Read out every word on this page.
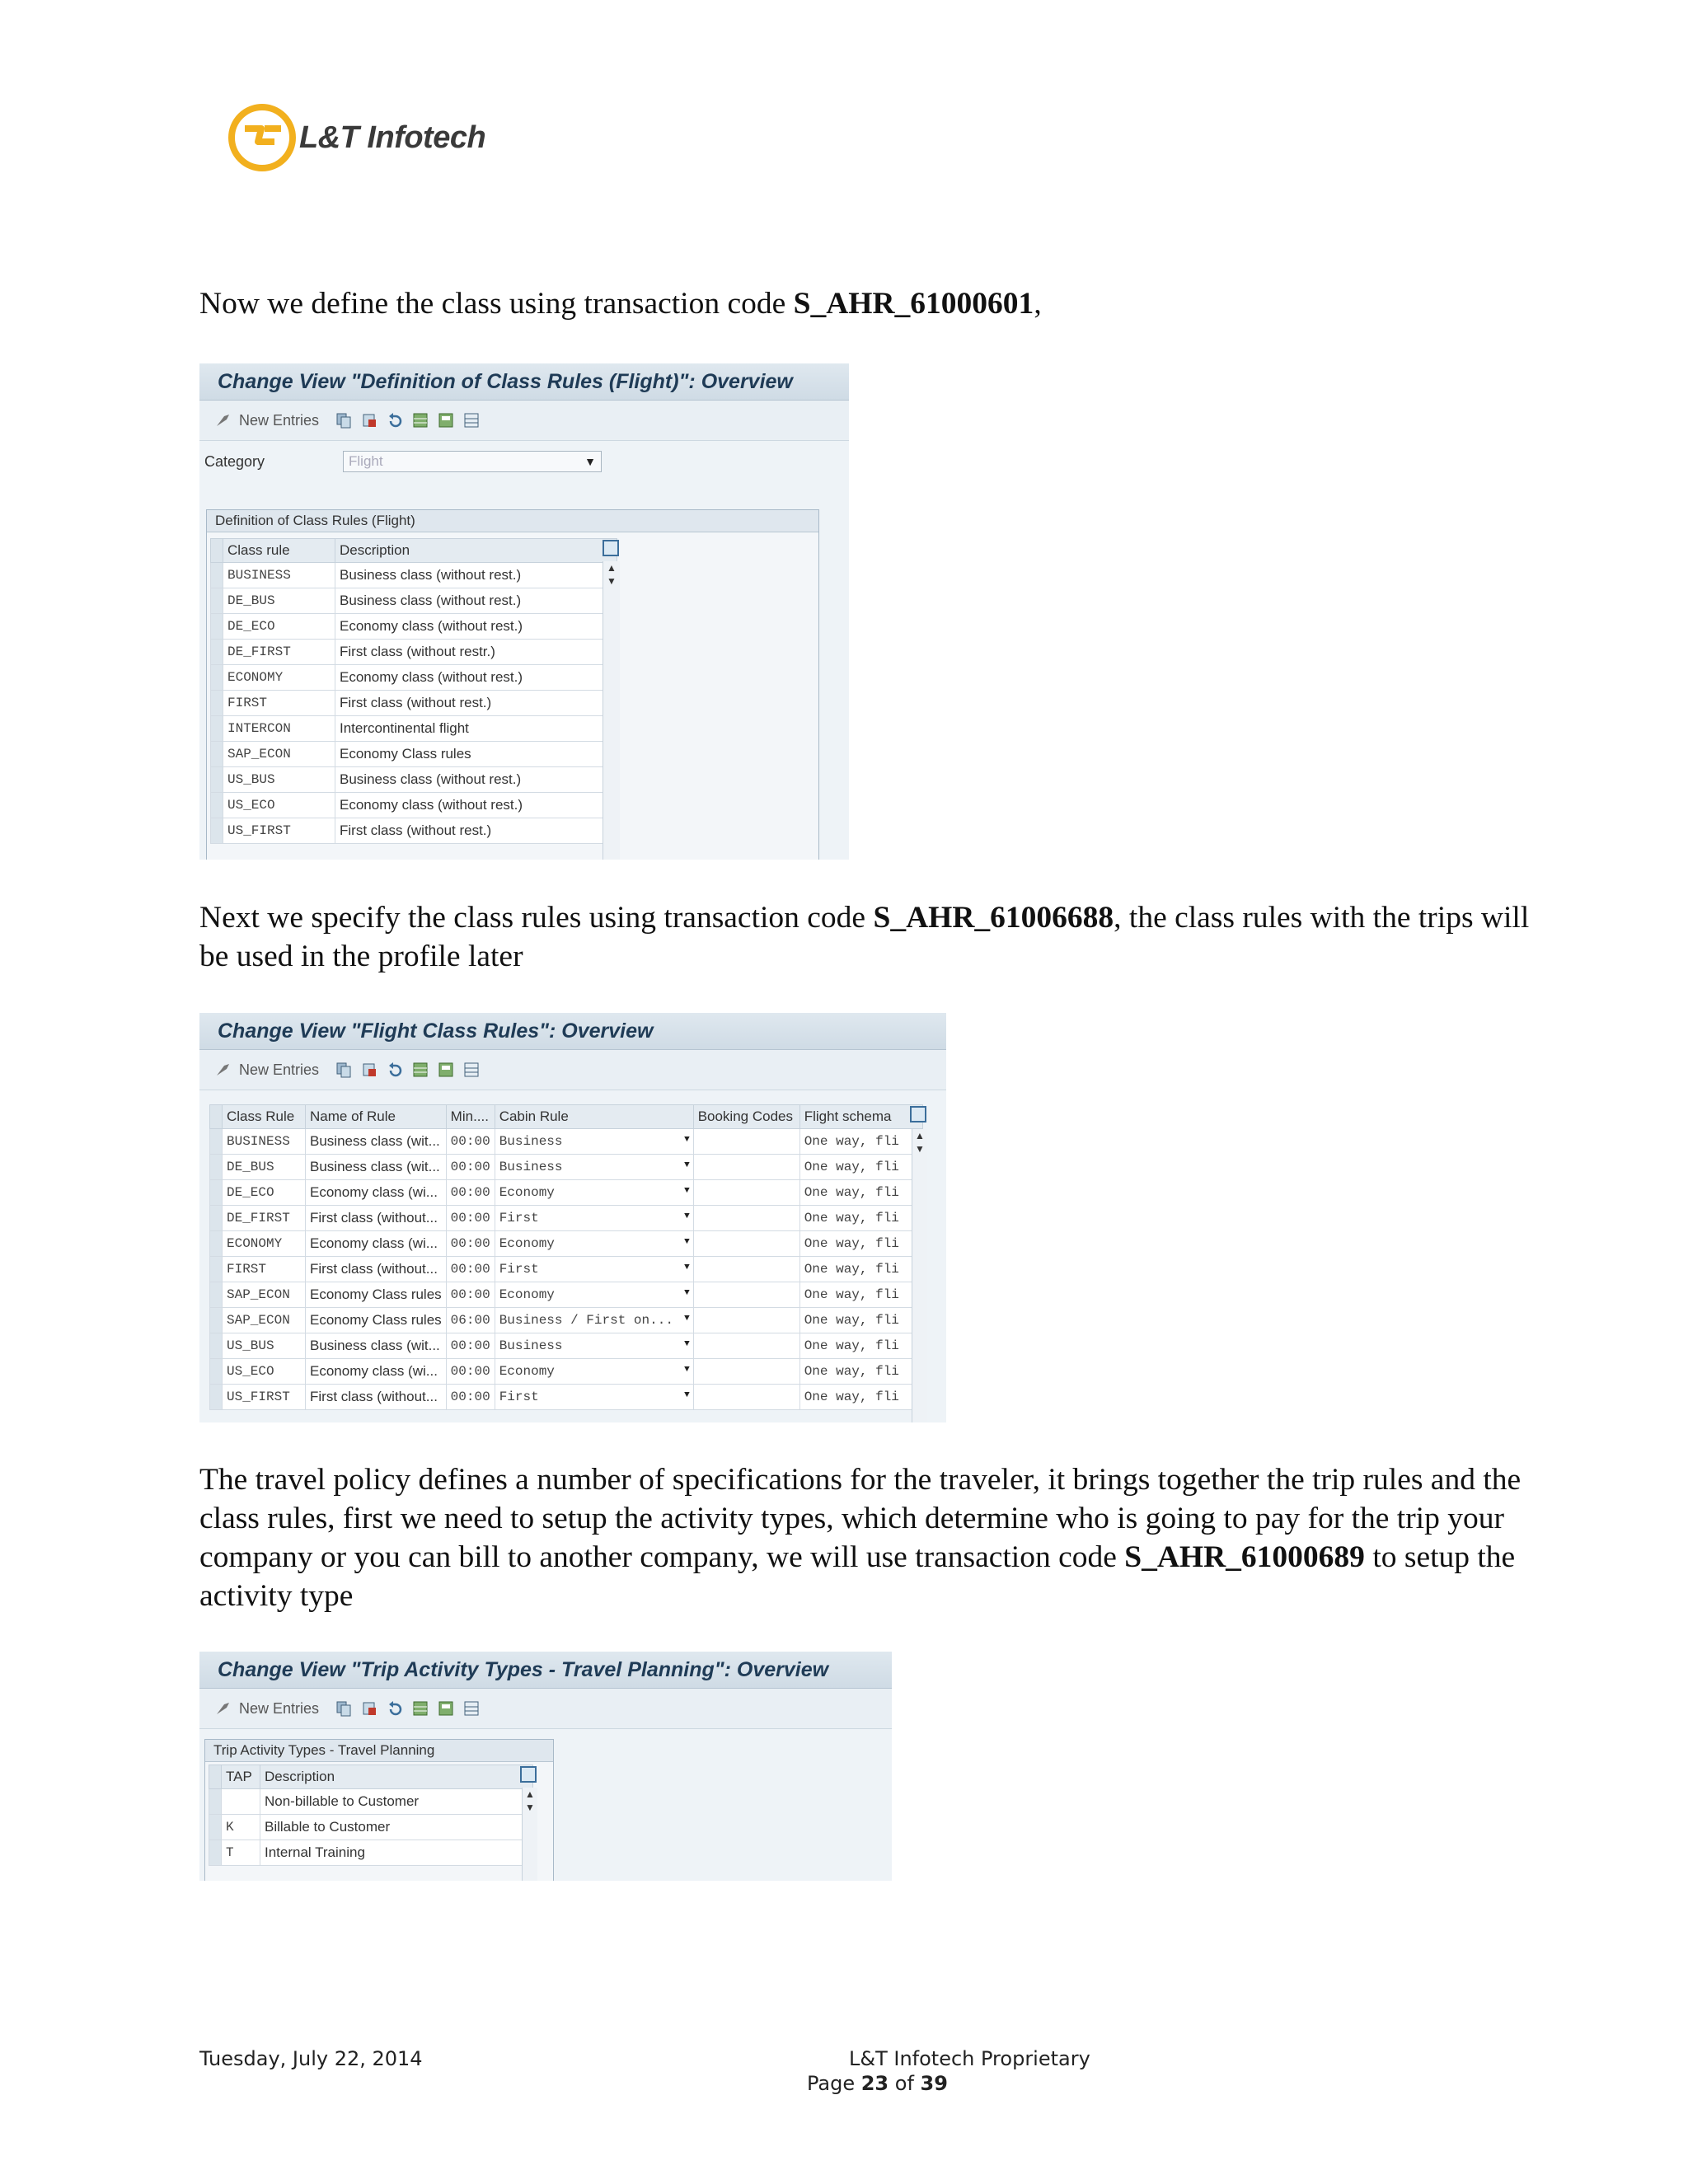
L&T Infotech

Now we define the class using transaction code S_AHR_61000601,

Change View "Definition of Class Rules (Flight)": Overview
New Entries
Category	Flight	▼
Definition of Class Rules (Flight)
	Class rule	Description
	BUSINESS	Business class (without rest.)
	DE_BUS	Business class (without rest.)
	DE_ECO	Economy class (without rest.)
	DE_FIRST	First class (without restr.)
	ECONOMY	Economy class (without rest.)
	FIRST	First class (without rest.)
	INTERCON	Intercontinental flight
	SAP_ECON	Economy Class rules
	US_BUS	Business class (without rest.)
	US_ECO	Economy class (without rest.)
	US_FIRST	First class (without rest.)
▲
▼

Next we specify the class rules using transaction code S_AHR_61006688, the class rules with the trips will be used in the profile later

Change View "Flight Class Rules": Overview
New Entries
	Class Rule	Name of Rule	Min....	Cabin Rule	Booking Codes	Flight schema
	BUSINESS	Business class (wit...	00:00	Business ▼		One way, fli
	DE_BUS	Business class (wit...	00:00	Business ▼		One way, fli
	DE_ECO	Economy class (wi...	00:00	Economy ▼		One way, fli
	DE_FIRST	First class (without...	00:00	First ▼		One way, fli
	ECONOMY	Economy class (wi...	00:00	Economy ▼		One way, fli
	FIRST	First class (without...	00:00	First ▼		One way, fli
	SAP_ECON	Economy Class rules	00:00	Economy ▼		One way, fli
	SAP_ECON	Economy Class rules	06:00	Business / First on... ▼		One way, fli
	US_BUS	Business class (wit...	00:00	Business ▼		One way, fli
	US_ECO	Economy class (wi...	00:00	Economy ▼		One way, fli
	US_FIRST	First class (without...	00:00	First ▼		One way, fli
▲
▼

The travel policy defines a number of specifications for the traveler, it brings together the trip rules and the class rules, first we need to setup the activity types, which determine who is going to pay for the trip your company or you can bill to another company, we will use transaction code S_AHR_61000689 to setup the activity type

Change View "Trip Activity Types - Travel Planning": Overview
New Entries
Trip Activity Types - Travel Planning
	TAP	Description
		Non-billable to Customer
	K	Billable to Customer
	T	Internal Training
▲
▼
Tuesday, July 22, 2014	L&T Infotech Proprietary
Page 23 of 39
